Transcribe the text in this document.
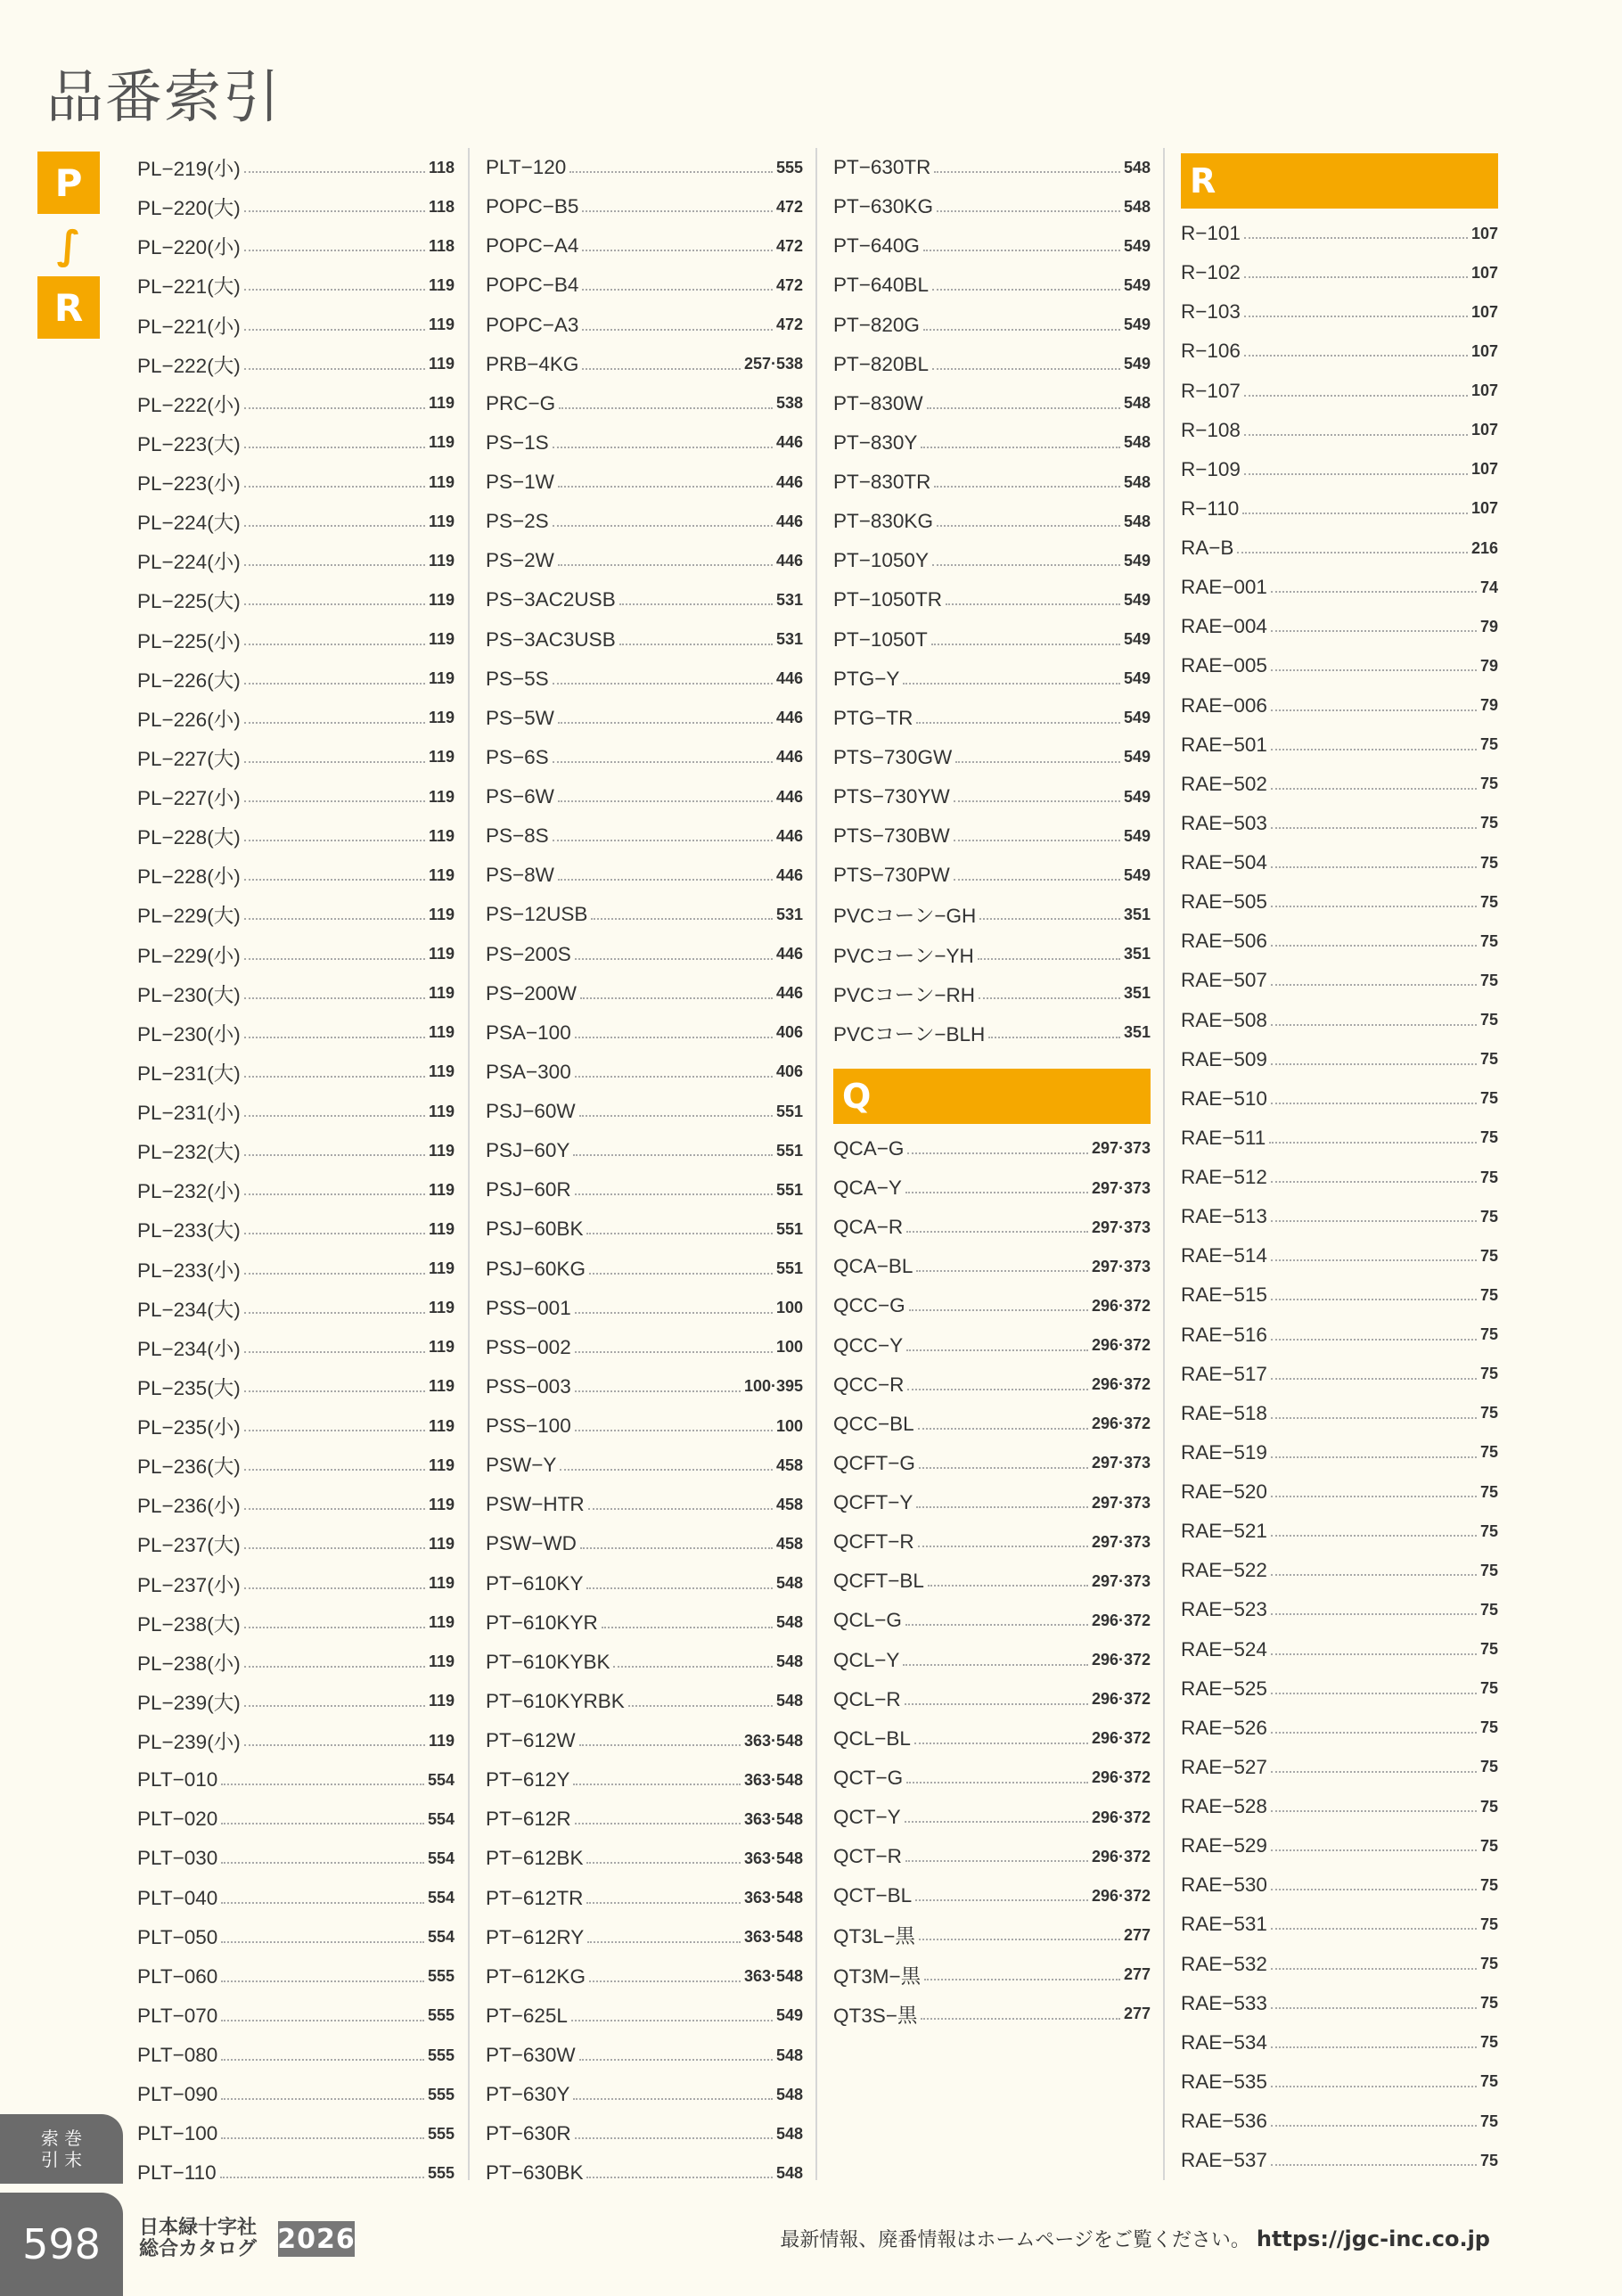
品番索引
P
∫
R
PL−219(小)	118
PL−220(大)	118
PL−220(小)	118
PL−221(大)	119
PL−221(小)	119
PL−222(大)	119
PL−222(小)	119
PL−223(大)	119
PL−223(小)	119
PL−224(大)	119
PL−224(小)	119
PL−225(大)	119
PL−225(小)	119
PL−226(大)	119
PL−226(小)	119
PL−227(大)	119
PL−227(小)	119
PL−228(大)	119
PL−228(小)	119
PL−229(大)	119
PL−229(小)	119
PL−230(大)	119
PL−230(小)	119
PL−231(大)	119
PL−231(小)	119
PL−232(大)	119
PL−232(小)	119
PL−233(大)	119
PL−233(小)	119
PL−234(大)	119
PL−234(小)	119
PL−235(大)	119
PL−235(小)	119
PL−236(大)	119
PL−236(小)	119
PL−237(大)	119
PL−237(小)	119
PL−238(大)	119
PL−238(小)	119
PL−239(大)	119
PL−239(小)	119
PLT−010	554
PLT−020	554
PLT−030	554
PLT−040	554
PLT−050	554
PLT−060	555
PLT−070	555
PLT−080	555
PLT−090	555
PLT−100	555
PLT−110	555
PLT−120	555
POPC−B5	472
POPC−A4	472
POPC−B4	472
POPC−A3	472
PRB−4KG	257·538
PRC−G	538
PS−1S	446
PS−1W	446
PS−2S	446
PS−2W	446
PS−3AC2USB	531
PS−3AC3USB	531
PS−5S	446
PS−5W	446
PS−6S	446
PS−6W	446
PS−8S	446
PS−8W	446
PS−12USB	531
PS−200S	446
PS−200W	446
PSA−100	406
PSA−300	406
PSJ−60W	551
PSJ−60Y	551
PSJ−60R	551
PSJ−60BK	551
PSJ−60KG	551
PSS−001	100
PSS−002	100
PSS−003	100·395
PSS−100	100
PSW−Y	458
PSW−HTR	458
PSW−WD	458
PT−610KY	548
PT−610KYR	548
PT−610KYBK	548
PT−610KYRBK	548
PT−612W	363·548
PT−612Y	363·548
PT−612R	363·548
PT−612BK	363·548
PT−612TR	363·548
PT−612RY	363·548
PT−612KG	363·548
PT−625L	549
PT−630W	548
PT−630Y	548
PT−630R	548
PT−630BK	548
PT−630TR	548
PT−630KG	548
PT−640G	549
PT−640BL	549
PT−820G	549
PT−820BL	549
PT−830W	548
PT−830Y	548
PT−830TR	548
PT−830KG	548
PT−1050Y	549
PT−1050TR	549
PT−1050T	549
PTG−Y	549
PTG−TR	549
PTS−730GW	549
PTS−730YW	549
PTS−730BW	549
PTS−730PW	549
PVCコーン−GH	351
PVCコーン−YH	351
PVCコーン−RH	351
PVCコーン−BLH	351
Q
QCA−G	297·373
QCA−Y	297·373
QCA−R	297·373
QCA−BL	297·373
QCC−G	296·372
QCC−Y	296·372
QCC−R	296·372
QCC−BL	296·372
QCFT−G	297·373
QCFT−Y	297·373
QCFT−R	297·373
QCFT−BL	297·373
QCL−G	296·372
QCL−Y	296·372
QCL−R	296·372
QCL−BL	296·372
QCT−G	296·372
QCT−Y	296·372
QCT−R	296·372
QCT−BL	296·372
QT3L−黒	277
QT3M−黒	277
QT3S−黒	277
R
R−101	107
R−102	107
R−103	107
R−106	107
R−107	107
R−108	107
R−109	107
R−110	107
RA−B	216
RAE−001	74
RAE−004	79
RAE−005	79
RAE−006	79
RAE−501	75
RAE−502	75
RAE−503	75
RAE−504	75
RAE−505	75
RAE−506	75
RAE−507	75
RAE−508	75
RAE−509	75
RAE−510	75
RAE−511	75
RAE−512	75
RAE−513	75
RAE−514	75
RAE−515	75
RAE−516	75
RAE−517	75
RAE−518	75
RAE−519	75
RAE−520	75
RAE−521	75
RAE−522	75
RAE−523	75
RAE−524	75
RAE−525	75
RAE−526	75
RAE−527	75
RAE−528	75
RAE−529	75
RAE−530	75
RAE−531	75
RAE−532	75
RAE−533	75
RAE−534	75
RAE−535	75
RAE−536	75
RAE−537	75
索 巻
引 末
598	日本緑十字社
総合カタログ 2026	最新情報、廃番情報はホームページをご覧ください。 https://jgc-inc.co.jp
